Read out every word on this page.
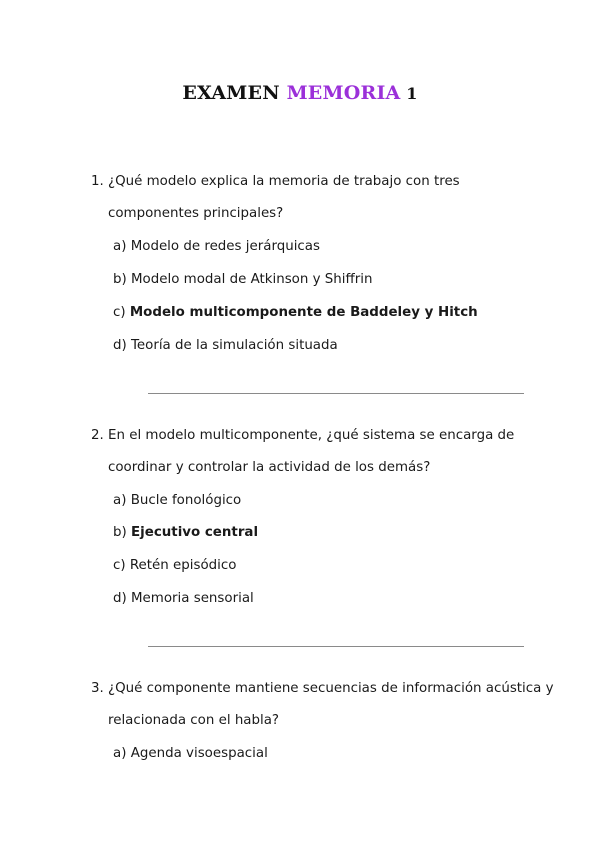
EXAMEN MEMORIA 1
1. ¿Qué modelo explica la memoria de trabajo con tres
componentes principales?
a) Modelo de redes jerárquicas
b) Modelo modal de Atkinson y Shiffrin
c) Modelo multicomponente de Baddeley y Hitch
d) Teoría de la simulación situada
2. En el modelo multicomponente, ¿qué sistema se encarga de
coordinar y controlar la actividad de los demás?
a) Bucle fonológico
b) Ejecutivo central
c) Retén episódico
d) Memoria sensorial
3. ¿Qué componente mantiene secuencias de información acústica y
relacionada con el habla?
a) Agenda visoespacial
